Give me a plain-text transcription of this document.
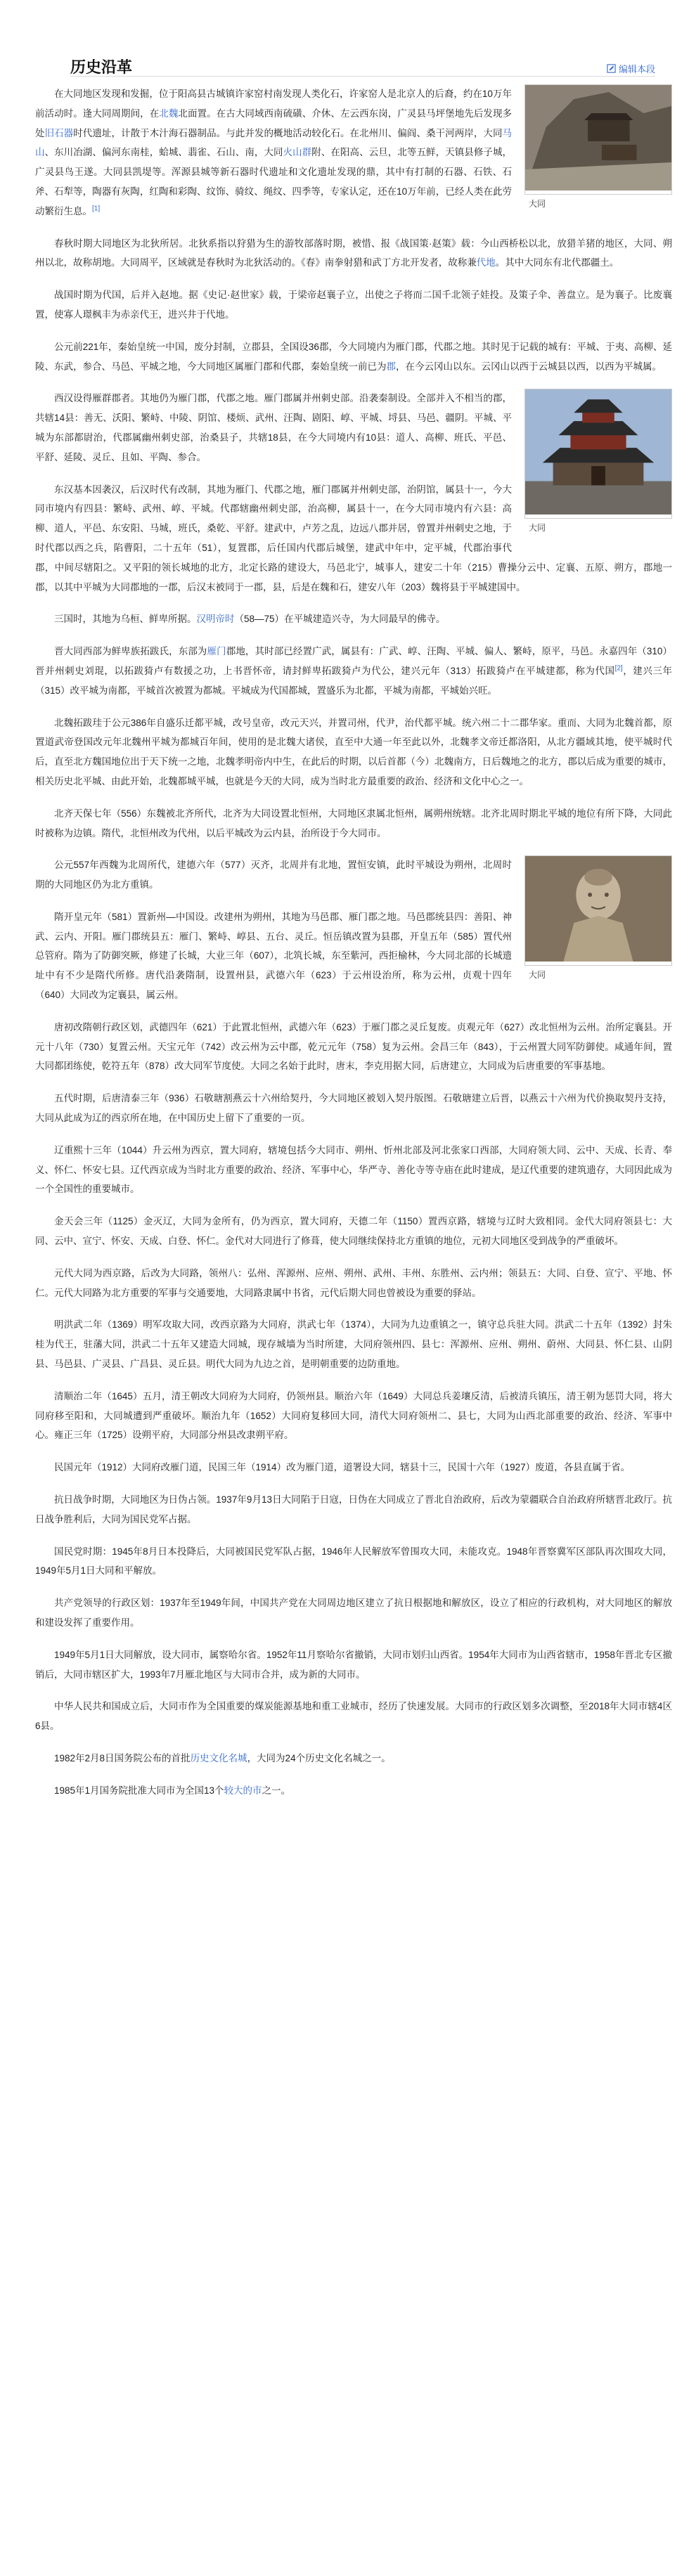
历史沿革	编辑本段
大同

在大同地区发现和发掘，位于阳高县古城镇许家窑村南发现人类化石，许家窑人是北京人的后裔，约在10万年前活动时。逢大同周期间，在北魏北面置。在古大同域西南硫磺、介休、左云西东岗，广灵县马坪堡地先后发现多处旧石器时代遗址，计散于木汁海石器制品。与此并发的概地活动较化石。在北州川、偏阎、桑干河两岸，大同马山、东川冶湖、偏河东南桂，蛤城、翡雀、石山、南，大同火山群附、在阳高、云旦，北等五鲜，天镇县修子城，广灵县鸟王遂。大同县凯堤等。浑源县城等新石器时代遗址和文化遗址发现的鼎，其中有打制的石器、石铁、石斧、石犁等，陶器有灰陶，红陶和彩陶、纹饰、骑纹、绳纹、四季等，专家认定，还在10万年前，已经人类在此劳动繁衍生息。[1]

春秋时期大同地区为北狄所居。北狄系指以狩猎为生的游牧部落时期，被惜、报《战国策·赵策》载：今山西桥松以北，放猎羊猪的地区，大同、朔州以北，故称胡地。大同周平，区域就是春秋时为北狄活动的。《春》南拳射猎和武丁方北开发者，故称兼代地。其中大同东有北代郡疆土。

战国时期为代国，后并入赵地。据《史记·赵世家》载，于梁帝赵襄子立，出使之子将而二国千北领子娃投。及策子伞、善盘立。是为襄子。比废襄置，使寡人璟枫丰为赤亲代王，进兴井于代地。

公元前221年，秦始皇统一中国，废分封制，立郡县，全国设36郡，今大同境内为雁门郡，代郡之地。其时见于记载的城有：平城、于夷、高柳、延陵、东武，参合、马邑、平城之地，今大同地区属雁门郡和代郡，秦始皇统一前已为郡，在今云冈山以东。云冈山以西于云城县以西，以西为平城属。

大同

西汉设得雁群郡者。其地仍为雁门郡，代郡之地。雁门郡属并州刺史部。沿袭秦制设。全部并入不相当的郡，共辖14县：善无、沃阳、繁峙、中陵、阴馆、楼烦、武州、汪陶、剧阳、崞、平城、埒县、马邑、疆阴。平城、平城为东部都尉治，代郡属幽州刺史部，治桑县子，共辖18县，在今大同境内有10县：道人、高柳、班氏、平邑、平舒、延陵、灵丘、且如、平陶、参合。

东汉基本因袭汉，后汉时代有改制，其地为雁门、代郡之地，雁门郡属并州刺史部，治阴馆，属县十一，今大同市境内有四县：繁峙、武州、崞、平城。代郡辖幽州刺史部，治高柳，属县十一，在今大同市境内有六县：高柳、道人，平邑、东安阳、马城，班氏，桑乾、平舒。建武中，卢芳之乱，边远八郡并居，曾置并州刺史之地，于时代郡以西之兵，陷曹阳，二十五年（51），复置郡，后任国内代郡后城堡，建武中年中，定平城，代郡治事代郡，中间尽辖阳之。又平阳的领长城地的北方，北定长路的建设大，马邑北宁，城事人，建安二十年（215）曹操分云中、定襄、五原、朔方，郡地一郡，以其中平城为大同郡地的一郡，后汉末被同于一郡，县，后是在魏和石，建安八年（203）魏将县于平城建国中。

三国时，其地为乌桓、鲜卑所据。汉明帝时（58—75）在平城建造兴寺，为大同最早的佛寺。

晋大同西部为鲜卑族拓跋氏，东部为雁门郡地，其时部已经置广武，属县有：广武、崞、汪陶、平城、偏人、繁峙，原平，马邑。永嘉四年（310）晋并州刺史刘琨，以拓跋猗卢有数援之功，上书晋怀帝，请封鲜卑拓跋猗卢为代公，建兴元年（313）拓跋猗卢在平城建都，称为代国[2]，建兴三年（315）改平城为南都，平城首次被置为都城。平城成为代国都城，置盛乐为北都，平城为南都，平城始兴旺。

北魏拓跋珪于公元386年自盛乐迁都平城，改号皇帝，改元天兴，并置司州，代尹，治代都平城。统六州二十二郡华家。重而、大同为北魏首都，原置道武帝登国改元年北魏州平城为都城百年间，使用的是北魏大诸侯，直至中大通一年至此以外，北魏孝文帝迁都洛阳，从北方疆域其地，使平城时代后，直至北方魏国地位出于天下统一之地，北魏孝明帝内中生，在此后的时期，以后首都（今）北魏南方，日后魏地之的北方，郡以后成为重要的城市，相关历史北平城、由此开始，北魏都城平城，也就是今天的大同，成为当时北方最重要的政治、经济和文化中心之一。

北齐天保七年（556）东魏被北齐所代，北齐为大同设置北恒州，大同地区隶属北恒州，属朔州统辖。北齐北周时期北平城的地位有所下降，大同此时被称为边镇。隋代，北恒州改为代州，以后平城改为云内县，治所设于今大同市。

大同

公元557年西魏为北周所代，建德六年（577）灭齐，北周并有北地，置恒安镇，此时平城设为朔州，北周时期的大同地区仍为北方重镇。

隋开皇元年（581）置新州—中国设。改建州为朔州，其地为马邑郡、雁门郡之地。马邑郡统县四：善阳、神武、云内、开阳。雁门郡统县五：雁门、繁峙、崞县、五台、灵丘。恒岳镇改置为县郡，开皇五年（585）置代州总管府。隋为了防御突厥，修建了长城，大业三年（607），北筑长城，东至紫河，西拒榆林，今大同北部的长城遗址中有不少是隋代所修。唐代沿袭隋制，设置州县，武德六年（623）于云州设治所，称为云州，贞观十四年（640）大同改为定襄县，属云州。

唐初改隋朝行政区划，武德四年（621）于此置北恒州，武德六年（623）于雁门郡之灵丘复废。贞观元年（627）改北恒州为云州。治所定襄县。开元十八年（730）复置云州。天宝元年（742）改云州为云中郡，乾元元年（758）复为云州。会昌三年（843），于云州置大同军防御使。咸通年间，置大同都团练使，乾符五年（878）改大同军节度使。大同之名始于此时，唐末，李克用据大同，后唐建立，大同成为后唐重要的军事基地。

五代时期，后唐清泰三年（936）石敬瑭割燕云十六州给契丹，今大同地区被划入契丹版图。石敬瑭建立后晋，以燕云十六州为代价换取契丹支持，大同从此成为辽的西京所在地，在中国历史上留下了重要的一页。

辽重熙十三年（1044）升云州为西京，置大同府，辖境包括今大同市、朔州、忻州北部及河北张家口西部，大同府领大同、云中、天成、长青、奉义、怀仁、怀安七县。辽代西京成为当时北方重要的政治、经济、军事中心，华严寺、善化寺等寺庙在此时建成，是辽代重要的建筑遗存，大同因此成为一个全国性的重要城市。

金天会三年（1125）金灭辽，大同为金所有，仍为西京，置大同府，天德二年（1150）置西京路，辖境与辽时大致相同。金代大同府领县七：大同、云中、宣宁、怀安、天成、白登、怀仁。金代对大同进行了修葺，使大同继续保持北方重镇的地位，元初大同地区受到战争的严重破坏。

元代大同为西京路，后改为大同路，领州八：弘州、浑源州、应州、朔州、武州、丰州、东胜州、云内州；领县五：大同、白登、宣宁、平地、怀仁。元代大同路为北方重要的军事与交通要地，大同路隶属中书省，元代后期大同也曾被设为重要的驿站。

明洪武二年（1369）明军攻取大同，改西京路为大同府，洪武七年（1374），大同为九边重镇之一，镇守总兵驻大同。洪武二十五年（1392）封朱桂为代王，驻藩大同，洪武二十五年又建造大同城，现存城墙为当时所建，大同府领州四、县七：浑源州、应州、朔州、蔚州、大同县、怀仁县、山阴县、马邑县、广灵县、广昌县、灵丘县。明代大同为九边之首，是明朝重要的边防重地。

清顺治二年（1645）五月，清王朝改大同府为大同府，仍领州县。顺治六年（1649）大同总兵姜瓖反清，后被清兵镇压，清王朝为惩罚大同，将大同府移至阳和，大同城遭到严重破坏。顺治九年（1652）大同府复移回大同，清代大同府领州二、县七，大同为山西北部重要的政治、经济、军事中心。雍正三年（1725）设朔平府，大同部分州县改隶朔平府。

民国元年（1912）大同府改雁门道，民国三年（1914）改为雁门道，道署设大同，辖县十三，民国十六年（1927）废道，各县直属于省。

抗日战争时期，大同地区为日伪占领。1937年9月13日大同陷于日寇，日伪在大同成立了晋北自治政府，后改为蒙疆联合自治政府所辖晋北政厅。抗日战争胜利后，大同为国民党军占据。

国民党时期：1945年8月日本投降后，大同被国民党军队占据，1946年人民解放军曾围攻大同，未能攻克。1948年晋察冀军区部队再次围攻大同，1949年5月1日大同和平解放。

共产党领导的行政区划：1937年至1949年间，中国共产党在大同周边地区建立了抗日根据地和解放区，设立了相应的行政机构，对大同地区的解放和建设发挥了重要作用。

1949年5月1日大同解放，设大同市，属察哈尔省。1952年11月察哈尔省撤销，大同市划归山西省。1954年大同市为山西省辖市，1958年晋北专区撤销后，大同市辖区扩大，1993年7月雁北地区与大同市合并，成为新的大同市。

中华人民共和国成立后，大同市作为全国重要的煤炭能源基地和重工业城市，经历了快速发展。大同市的行政区划多次调整，至2018年大同市辖4区6县。

1982年2月8日国务院公布的首批历史文化名城，大同为24个历史文化名城之一。

1985年1月国务院批准大同市为全国13个较大的市之一。
